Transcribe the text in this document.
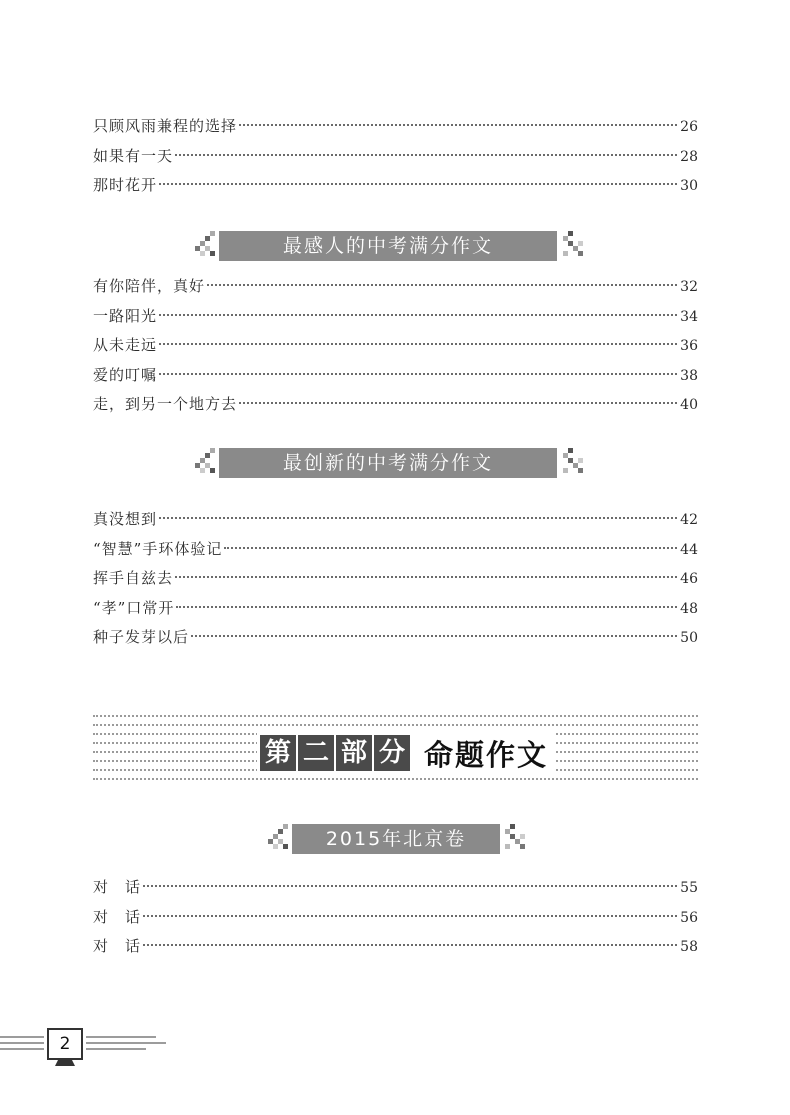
只顾风雨兼程的选择	26
如果有一天	28
那时花开	30
最感人的中考满分作文
有你陪伴，真好	32
一路阳光	34
从未走远	36
爱的叮嘱	38
走，到另一个地方去	40
最创新的中考满分作文
真没想到	42
“智慧”手环体验记	44
挥手自兹去	46
“孝”口常开	48
种子发芽以后	50
第 二 部 分 命题作文
2015年北京卷
对　话	55
对　话	56
对　话	58
2
